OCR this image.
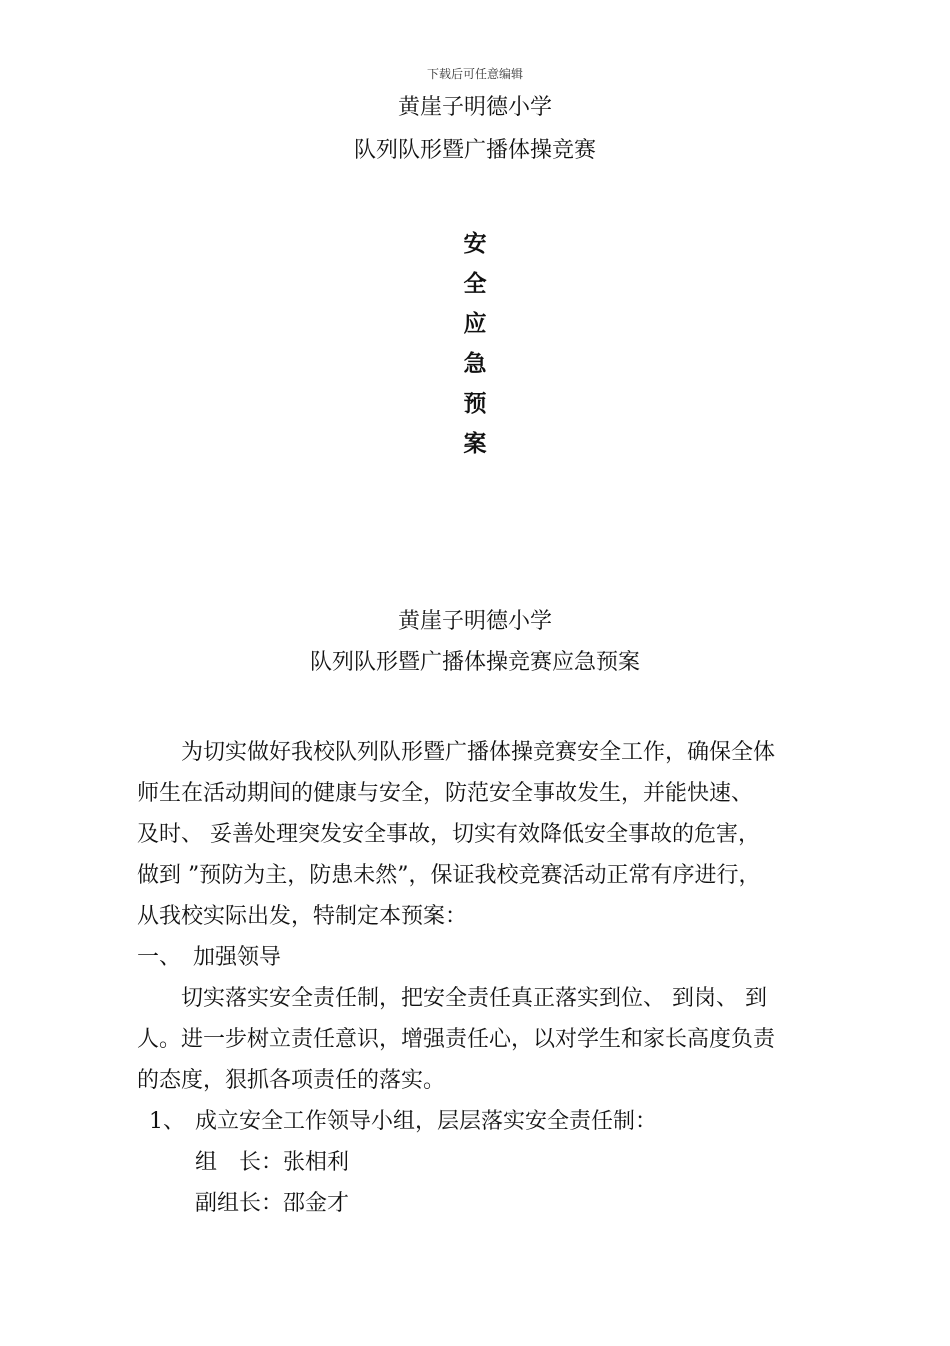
下载后可任意编辑
黄崖子明德小学
队列队形暨广播体操竞赛
安
全
应
急
预
案
黄崖子明德小学
队列队形暨广播体操竞赛应急预案

为切实做好我校队列队形暨广播体操竞赛安全工作，确保全体

师生在活动期间的健康与安全，防范安全事故发生，并能快速、

及时、 妥善处理突发安全事故，切实有效降低安全事故的危害，

做到 ”预防为主，防患未然”，保证我校竞赛活动正常有序进行，

从我校实际出发，特制定本预案：

一、 加强领导

切实落实安全责任制，把安全责任真正落实到位、 到岗、 到

人。进一步树立责任意识，增强责任心，以对学生和家长高度负责

的态度，狠抓各项责任的落实。

1、 成立安全工作领导小组，层层落实安全责任制：

组　长：张相利

副组长：邵金才
